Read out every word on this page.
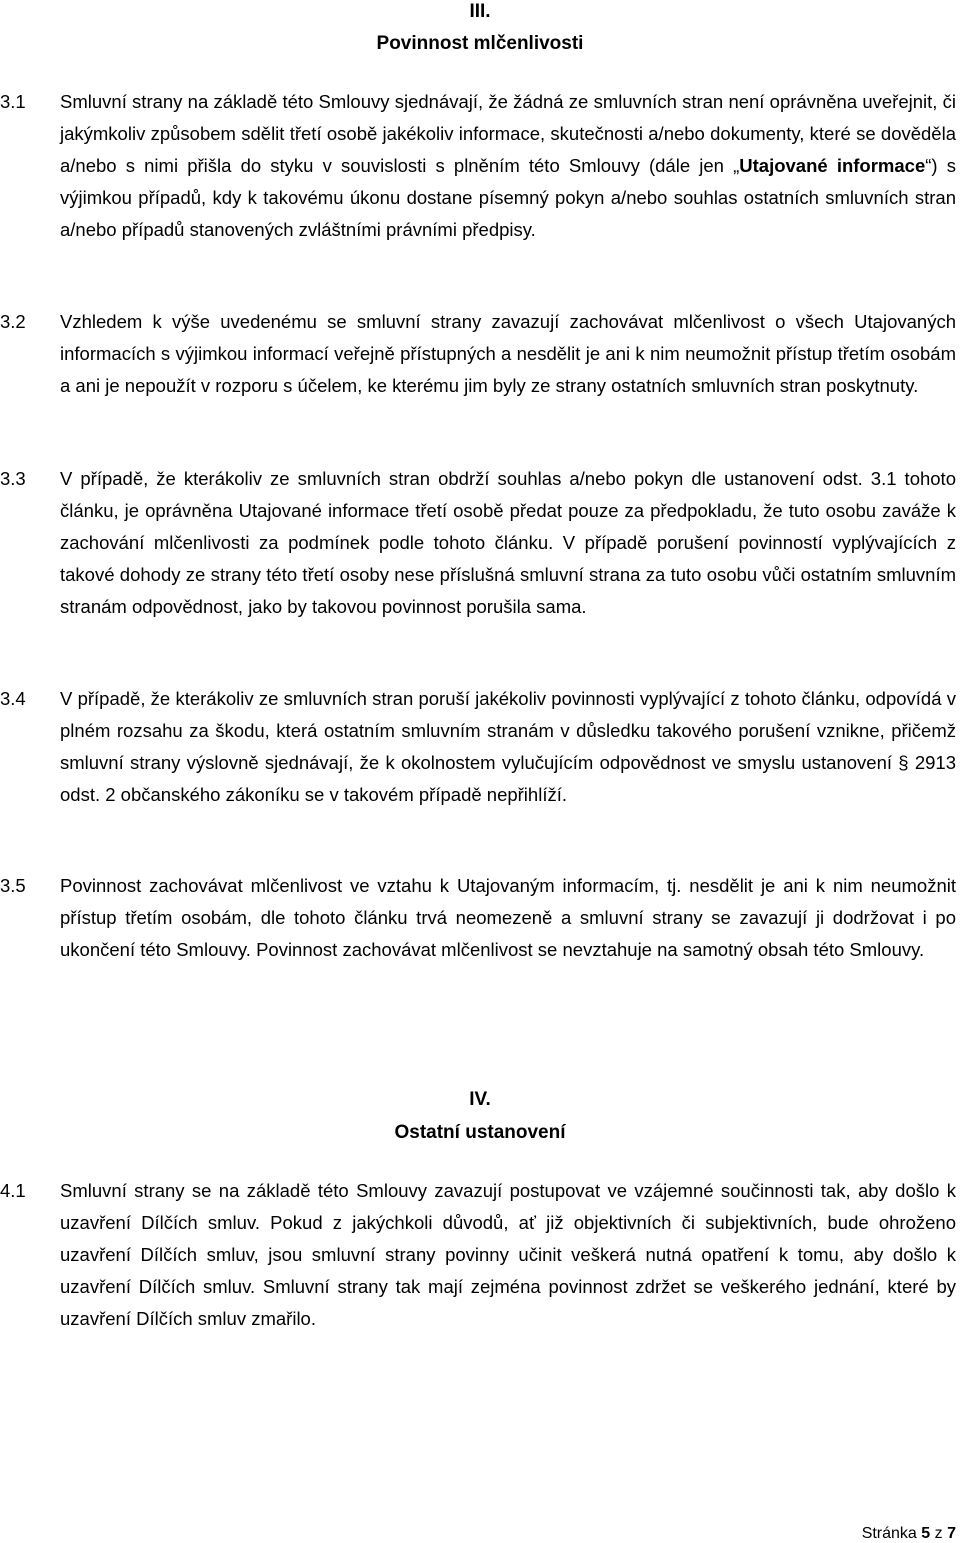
III.
Povinnost mlčenlivosti
3.1	Smluvní strany na základě této Smlouvy sjednávají, že žádná ze smluvních stran není oprávněna uveřejnit, či jakýmkoliv způsobem sdělit třetí osobě jakékoliv informace, skutečnosti a/nebo dokumenty, které se dověděla a/nebo s nimi přišla do styku v souvislosti s plněním této Smlouvy (dále jen „Utajované informace“) s výjimkou případů, kdy k takovému úkonu dostane písemný pokyn a/nebo souhlas ostatních smluvních stran a/nebo případů stanovených zvláštními právními předpisy.
3.2	Vzhledem k výše uvedenému se smluvní strany zavazují zachovávat mlčenlivost o všech Utajovaných informacích s výjimkou informací veřejně přístupných a nesdělit je ani k nim neumožnit přístup třetím osobám a ani je nepoužít v rozporu s účelem, ke kterému jim byly ze strany ostatních smluvních stran poskytnuty.
3.3	V případě, že kterákoliv ze smluvních stran obdrží souhlas a/nebo pokyn dle ustanovení odst. 3.1 tohoto článku, je oprávněna Utajované informace třetí osobě předat pouze za předpokladu, že tuto osobu zaváže k zachování mlčenlivosti za podmínek podle tohoto článku. V případě porušení povinností vyplývajících z takové dohody ze strany této třetí osoby nese příslušná smluvní strana za tuto osobu vůči ostatním smluvním stranám odpovědnost, jako by takovou povinnost porušila sama.
3.4	V případě, že kterákoliv ze smluvních stran poruší jakékoliv povinnosti vyplývající z tohoto článku, odpovídá v plném rozsahu za škodu, která ostatním smluvním stranám v důsledku takového porušení vznikne, přičemž smluvní strany výslovně sjednávají, že k okolnostem vylučujícím odpovědnost ve smyslu ustanovení § 2913 odst. 2 občanského zákoníku se v takovém případě nepřihlíží.
3.5	Povinnost zachovávat mlčenlivost ve vztahu k Utajovaným informacím, tj. nesdělit je ani k nim neumožnit přístup třetím osobám, dle tohoto článku trvá neomezeně a smluvní strany se zavazují ji dodržovat i po ukončení této Smlouvy. Povinnost zachovávat mlčenlivost se nevztahuje na samotný obsah této Smlouvy.
IV.
Ostatní ustanovení
4.1	Smluvní strany se na základě této Smlouvy zavazují postupovat ve vzájemné součinnosti tak, aby došlo k uzavření Dílčích smluv. Pokud z jakýchkoli důvodů, ať již objektivních či subjektivních, bude ohroženo uzavření Dílčích smluv, jsou smluvní strany povinny učinit veškerá nutná opatření k tomu, aby došlo k uzavření Dílčích smluv. Smluvní strany tak mají zejména povinnost zdržet se veškerého jednání, které by uzavření Dílčích smluv zmařilo.
Stránka 5 z 7
